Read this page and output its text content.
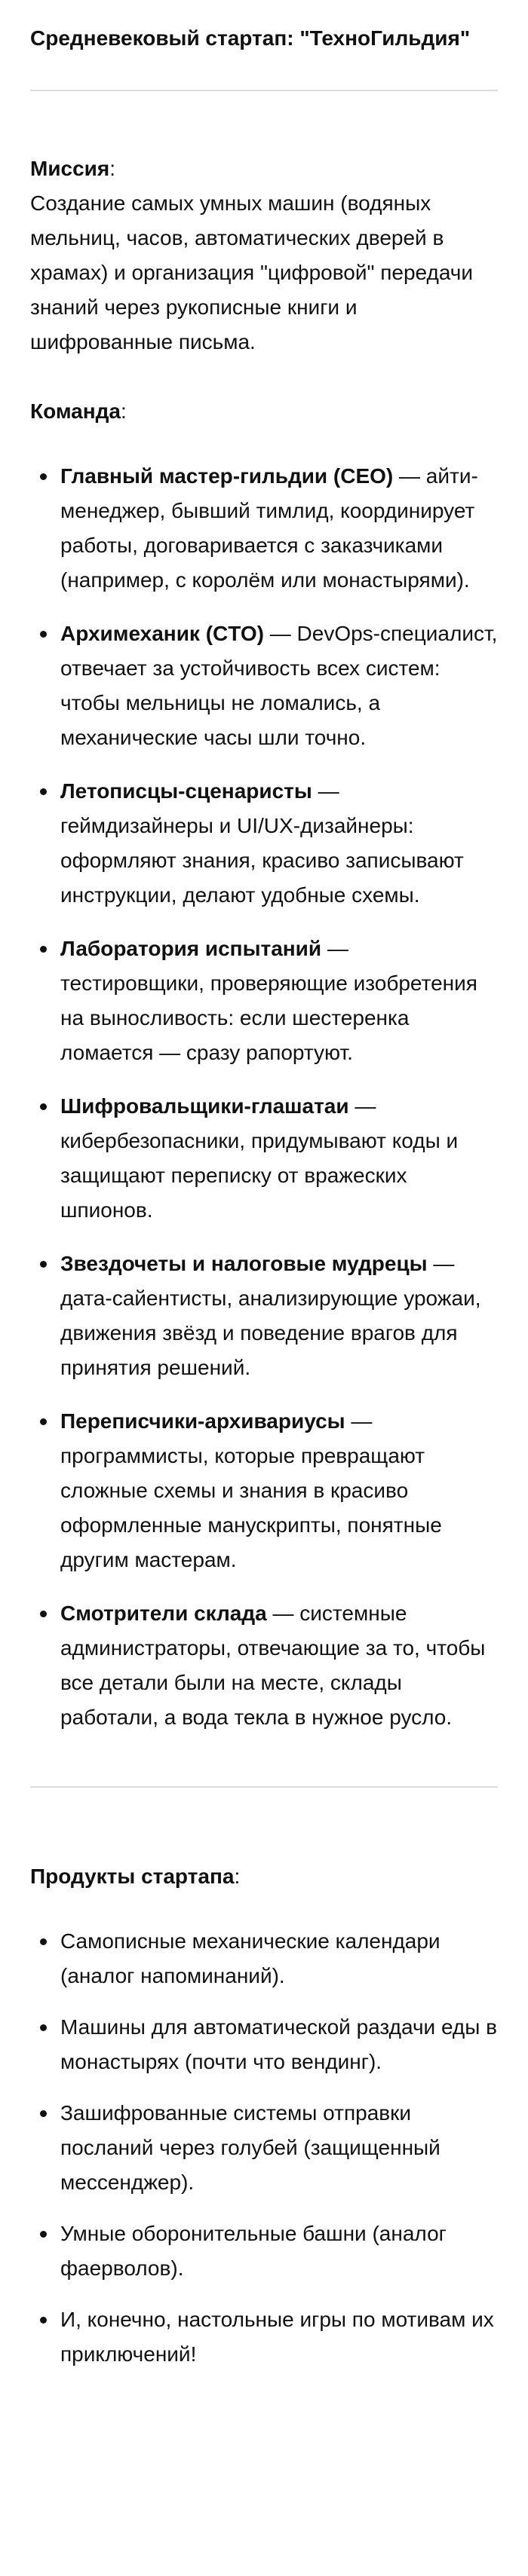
Средневековый стартап: "ТехноГильдия"

Миссия:
Создание самых умных машин (водяных мельниц, часов, автоматических дверей в храмах) и организация "цифровой" передачи знаний через рукописные книги и шифрованные письма.

Команда:

Главный мастер-гильдии (CEO) — айти-менеджер, бывший тимлид, координирует работы, договаривается с заказчиками (например, с королём или монастырями).
Архимеханик (CTO) — DevOps-специалист, отвечает за устойчивость всех систем: чтобы мельницы не ломались, а механические часы шли точно.
Летописцы-сценаристы — геймдизайнеры и UI/UX-дизайнеры: оформляют знания, красиво записывают инструкции, делают удобные схемы.
Лаборатория испытаний — тестировщики, проверяющие изобретения на выносливость: если шестеренка ломается — сразу рапортуют.
Шифровальщики-глашатаи — кибербезопасники, придумывают коды и защищают переписку от вражеских шпионов.
Звездочеты и налоговые мудрецы — дата-сайентисты, анализирующие урожаи, движения звёзд и поведение врагов для принятия решений.
Переписчики-архивариусы — программисты, которые превращают сложные схемы и знания в красиво оформленные манускрипты, понятные другим мастерам.
Смотрители склада — системные администраторы, отвечающие за то, чтобы все детали были на месте, склады работали, а вода текла в нужное русло.

Продукты стартапа:

Самописные механические календари (аналог напоминаний).
Машины для автоматической раздачи еды в монастырях (почти что вендинг).
Зашифрованные системы отправки посланий через голубей (защищенный мессенджер).
Умные оборонительные башни (аналог фаерволов).
И, конечно, настольные игры по мотивам их приключений!
